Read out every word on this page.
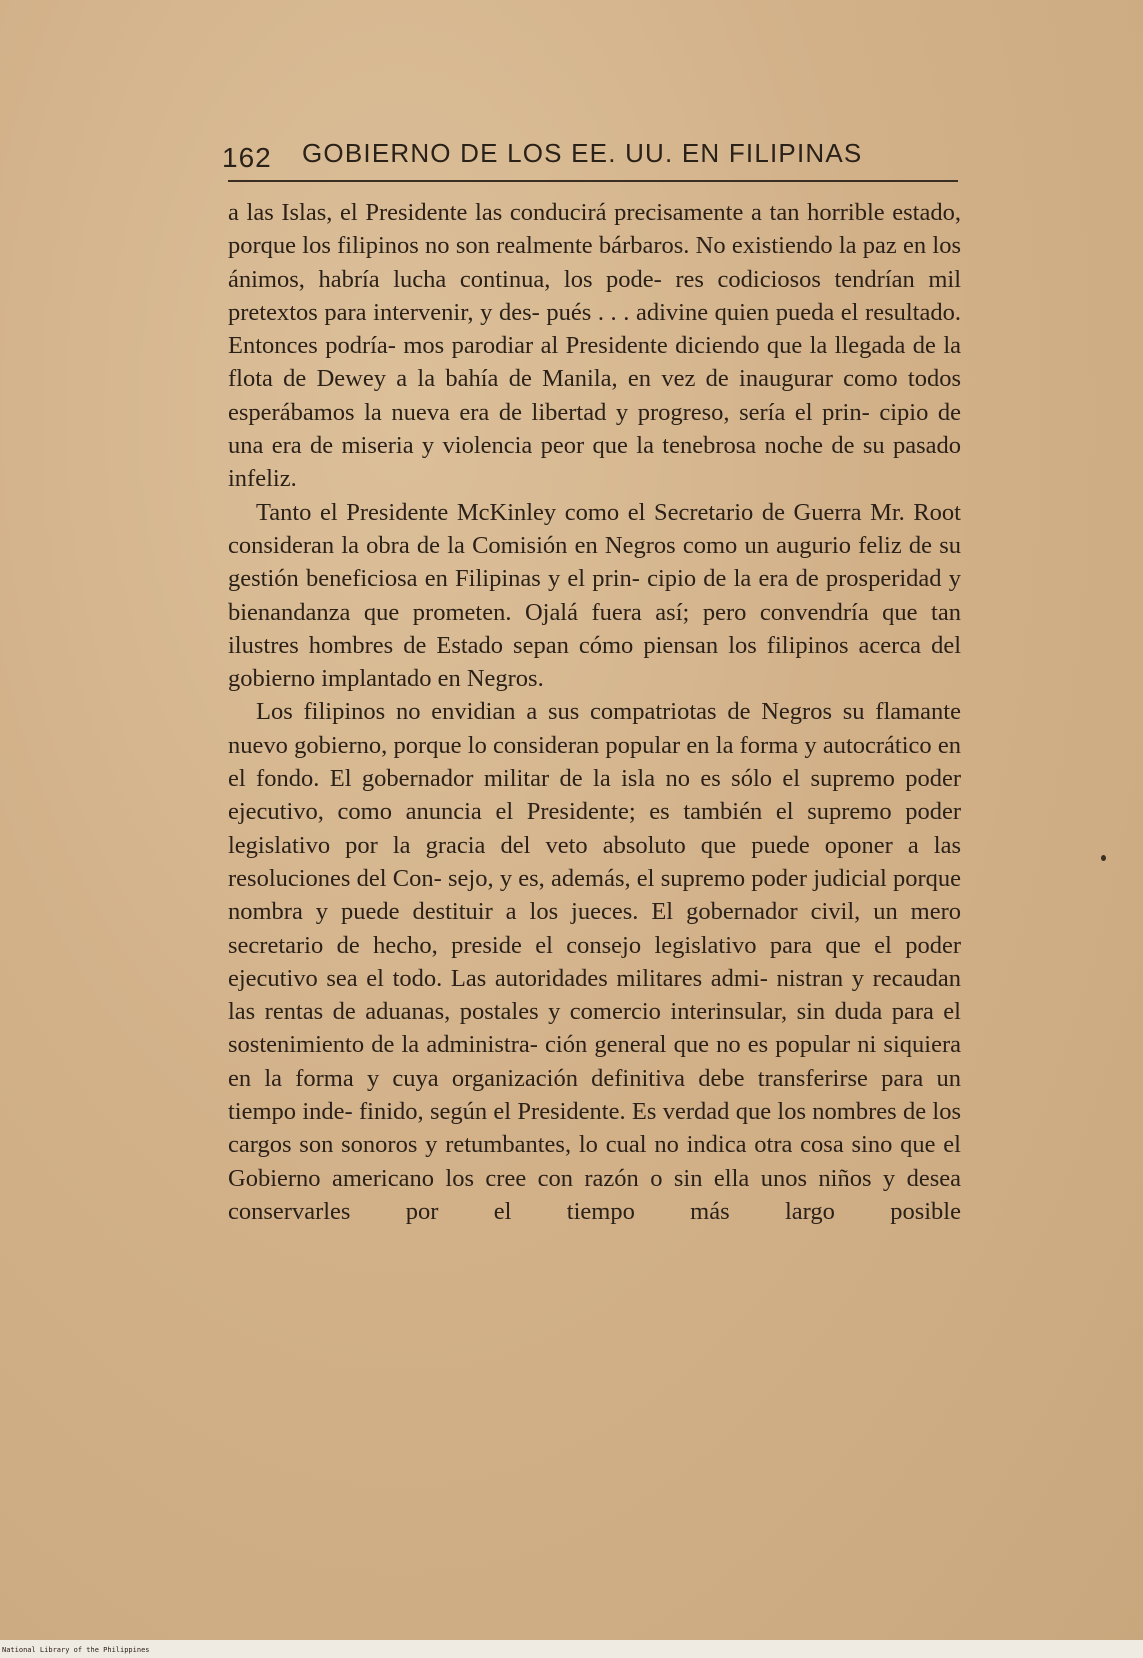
162 GOBIERNO DE LOS EE. UU. EN FILIPINAS

a las Islas, el Presidente las conducirá precisamente a tan horrible estado, porque los filipinos no son realmente bárbaros. No existiendo la paz en los ánimos, habría lucha continua, los pode- res codiciosos tendrían mil pretextos para intervenir, y des- pués . . . adivine quien pueda el resultado. Entonces podría- mos parodiar al Presidente diciendo que la llegada de la flota de Dewey a la bahía de Manila, en vez de inaugurar como todos esperábamos la nueva era de libertad y progreso, sería el prin- cipio de una era de miseria y violencia peor que la tenebrosa noche de su pasado infeliz.

Tanto el Presidente McKinley como el Secretario de Guerra Mr. Root consideran la obra de la Comisión en Negros como un augurio feliz de su gestión beneficiosa en Filipinas y el prin- cipio de la era de prosperidad y bienandanza que prometen. Ojalá fuera así; pero convendría que tan ilustres hombres de Estado sepan cómo piensan los filipinos acerca del gobierno implantado en Negros.

Los filipinos no envidian a sus compatriotas de Negros su flamante nuevo gobierno, porque lo consideran popular en la forma y autocrático en el fondo. El gobernador militar de la isla no es sólo el supremo poder ejecutivo, como anuncia el Presidente; es también el supremo poder legislativo por la gracia del veto absoluto que puede oponer a las resoluciones del Con- sejo, y es, además, el supremo poder judicial porque nombra y puede destituir a los jueces. El gobernador civil, un mero secretario de hecho, preside el consejo legislativo para que el poder ejecutivo sea el todo. Las autoridades militares admi- nistran y recaudan las rentas de aduanas, postales y comercio interinsular, sin duda para el sostenimiento de la administra- ción general que no es popular ni siquiera en la forma y cuya organización definitiva debe transferirse para un tiempo inde- finido, según el Presidente. Es verdad que los nombres de los cargos son sonoros y retumbantes, lo cual no indica otra cosa sino que el Gobierno americano los cree con razón o sin ella unos niños y desea conservarles por el tiempo más largo posible

National Library of the Philippines
